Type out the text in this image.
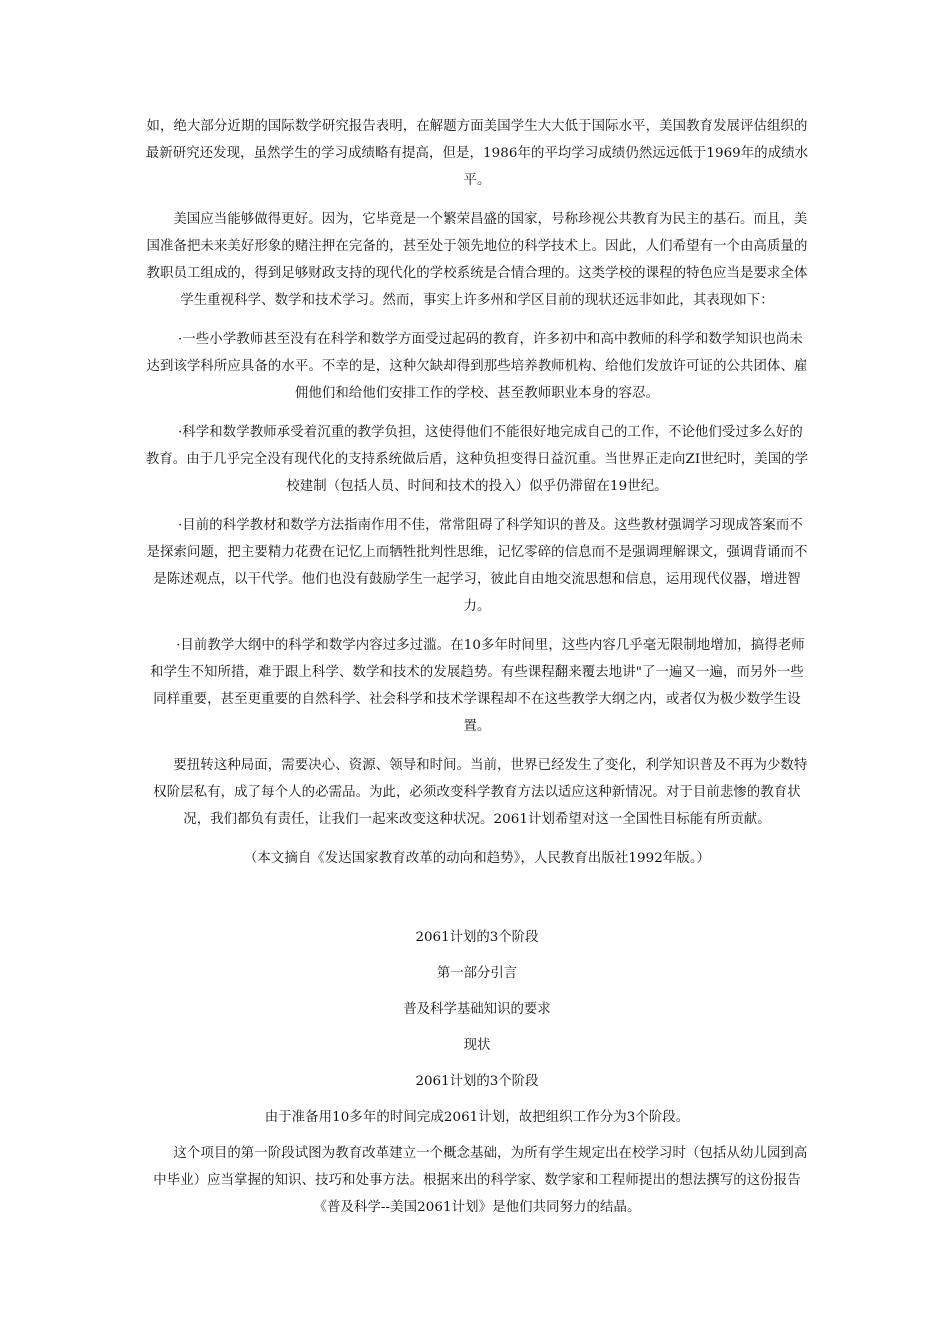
如，绝大部分近期的国际数学研究报告表明，在解题方面美国学生大大低于国际水平，美国教育发展评估组织的最新研究还发现，虽然学生的学习成绩略有提高，但是，1986年的平均学习成绩仍然远远低于1969年的成绩水平。

美国应当能够做得更好。因为，它毕竟是一个繁荣昌盛的国家，号称珍视公共教育为民主的基石。而且，美国准备把未来美好形象的赌注押在完备的，甚至处于领先地位的科学技术上。因此，人们希望有一个由高质量的教职员工组成的，得到足够财政支持的现代化的学校系统是合情合理的。这类学校的课程的特色应当是要求全体学生重视科学、数学和技术学习。然而，事实上许多州和学区目前的现状还远非如此，其表现如下：

·一些小学教师甚至没有在科学和数学方面受过起码的教育，许多初中和高中教师的科学和数学知识也尚未达到该学科所应具备的水平。不幸的是，这种欠缺却得到那些培养教师机构、给他们发放许可证的公共团体、雇佣他们和给他们安排工作的学校、甚至教师职业本身的容忍。

·科学和数学教师承受着沉重的教学负担，这使得他们不能很好地完成自己的工作，不论他们受过多么好的教育。由于几乎完全没有现代化的支持系统做后盾，这种负担变得日益沉重。当世界正走向ZI世纪时，美国的学校建制（包括人员、时间和技术的投入）似乎仍滞留在19世纪。

·目前的科学教材和数学方法指南作用不佳，常常阻碍了科学知识的普及。这些教材强调学习现成答案而不是探索问题，把主要精力花费在记忆上而牺牲批判性思维，记忆零碎的信息而不是强调理解课文，强调背诵而不是陈述观点，以干代学。他们也没有鼓励学生一起学习，彼此自由地交流思想和信息，运用现代仪器，增进智力。

·目前教学大纲中的科学和数学内容过多过滥。在10多年时间里，这些内容几乎毫无限制地增加，搞得老师和学生不知所措，难于跟上科学、数学和技术的发展趋势。有些课程翻来覆去地讲"了一遍又一遍，而另外一些同样重要，甚至更重要的自然科学、社会科学和技术学课程却不在这些教学大纲之内，或者仅为极少数学生设置。

要扭转这种局面，需要决心、资源、领导和时间。当前，世界已经发生了变化，利学知识普及不再为少数特权阶层私有，成了每个人的必需品。为此，必须改变科学教育方法以适应这种新情况。对于目前悲惨的教育状况，我们都负有责任，让我们一起来改变这种状况。2061计划希望对这一全国性目标能有所贡献。

（本文摘自《发达国家教育改革的动向和趋势》，人民教育出版社1992年版。）

2061计划的3个阶段

第一部分引言

普及科学基础知识的要求

现状

2061计划的3个阶段

由于准备用10多年的时间完成2061计划，故把组织工作分为3个阶段。

这个项目的第一阶段试图为教育改革建立一个概念基础，为所有学生规定出在校学习时（包括从幼儿园到高中毕业）应当掌握的知识、技巧和处事方法。根据来出的科学家、数学家和工程师提出的想法撰写的这份报告《普及科学--美国2061计划》是他们共同努力的结晶。
